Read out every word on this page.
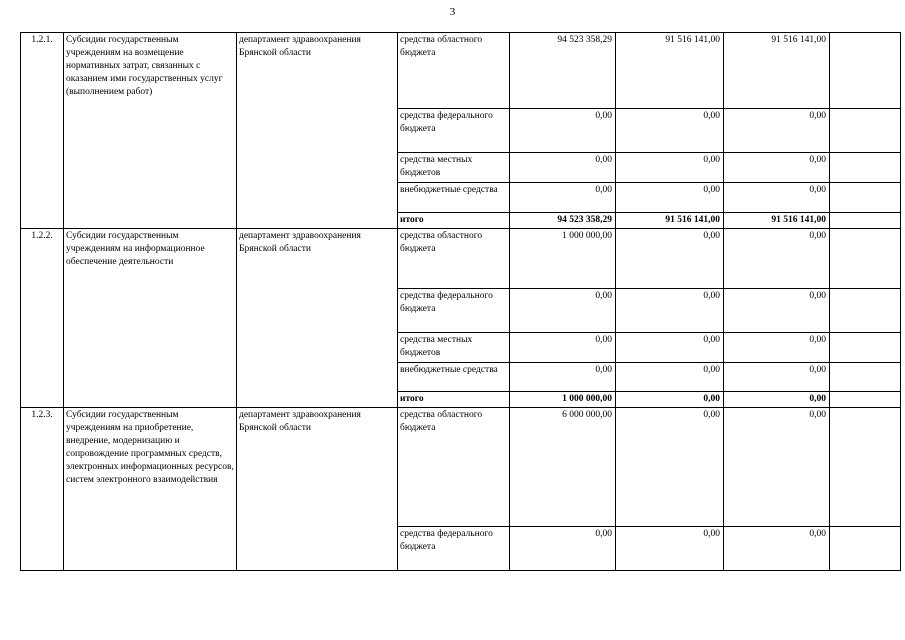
3
1.2.1.	Субсидии государственным учреждениям на возмещение нормативных затрат, связанных с оказанием ими государственных услуг (выполнением работ)	департамент здравоохранения Брянской области	средства областного бюджета	94 523 358,29	91 516 141,00	91 516 141,00	
			средства федерального бюджета	0,00	0,00	0,00	
			средства местных бюджетов	0,00	0,00	0,00	
			внебюджетные средства	0,00	0,00	0,00	
			итого	94 523 358,29	91 516 141,00	91 516 141,00	
1.2.2.	Субсидии государственным учреждениям на информационное обеспечение деятельности	департамент здравоохранения Брянской области	средства областного бюджета	1 000 000,00	0,00	0,00	
			средства федерального бюджета	0,00	0,00	0,00	
			средства местных бюджетов	0,00	0,00	0,00	
			внебюджетные средства	0,00	0,00	0,00	
			итого	1 000 000,00	0,00	0,00	
1.2.3.	Субсидии государственным учреждениям на приобретение, внедрение, модернизацию и сопровождение программных средств, электронных информационных ресурсов, систем электронного взаимодействия	департамент здравоохранения Брянской области	средства областного бюджета	6 000 000,00	0,00	0,00	
			средства федерального бюджета	0,00	0,00	0,00	
